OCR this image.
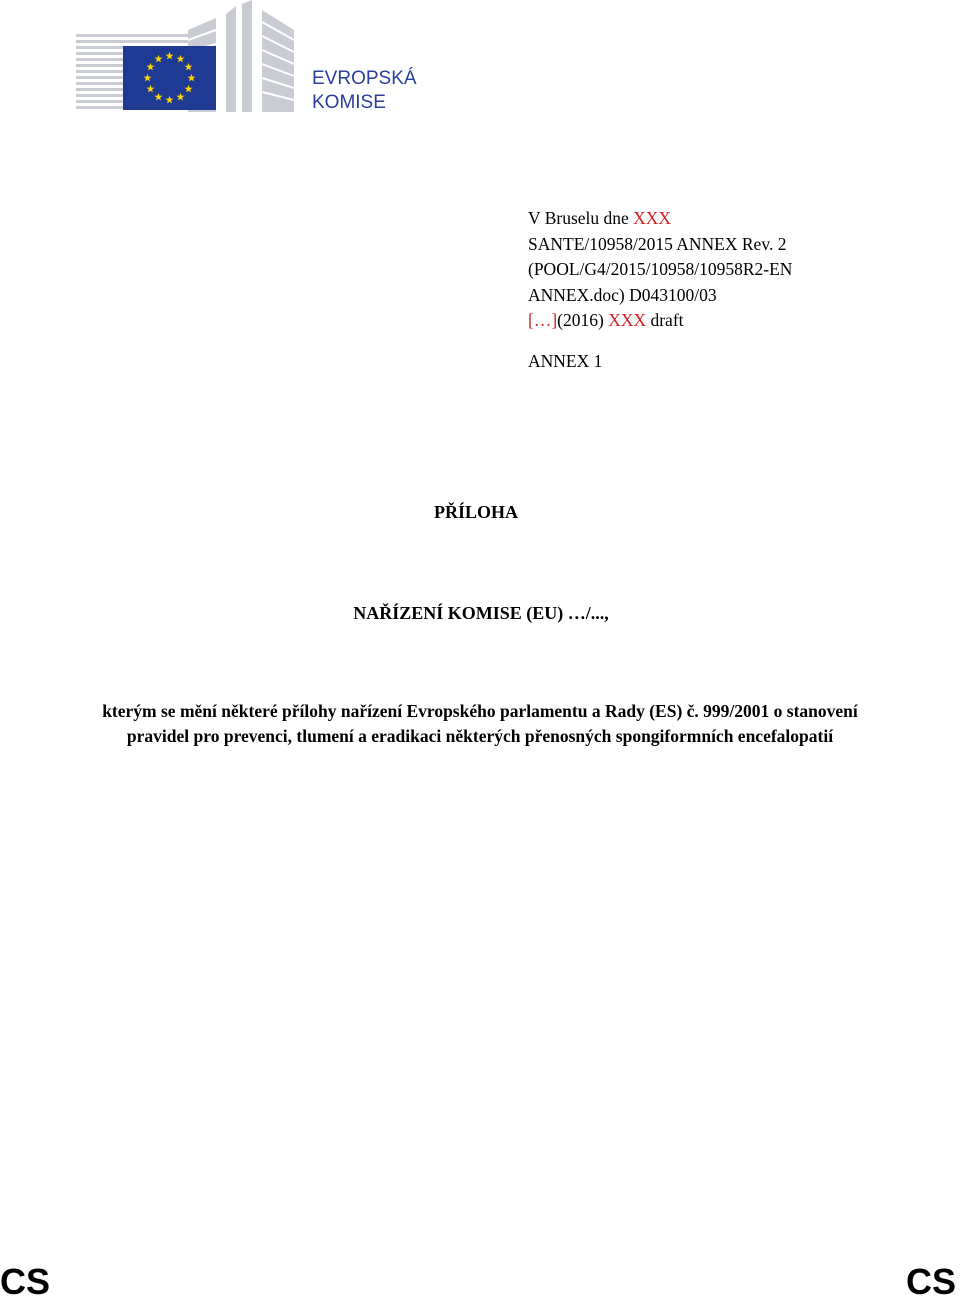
EVROPSKÁ
KOMISE
V Bruselu dne XXX
SANTE/10958/2015 ANNEX Rev. 2
(POOL/G4/2015/10958/10958R2-EN
ANNEX.doc) D043100/03
[…](2016) XXX draft
ANNEX 1
PŘÍLOHA
NAŘÍZENÍ KOMISE (EU) …/...,
kterým se mění některé přílohy nařízení Evropského parlamentu a Rady (ES) č. 999/2001 o stanovení pravidel pro prevenci, tlumení a eradikaci některých přenosných spongiformních encefalopatií
CS	CS
